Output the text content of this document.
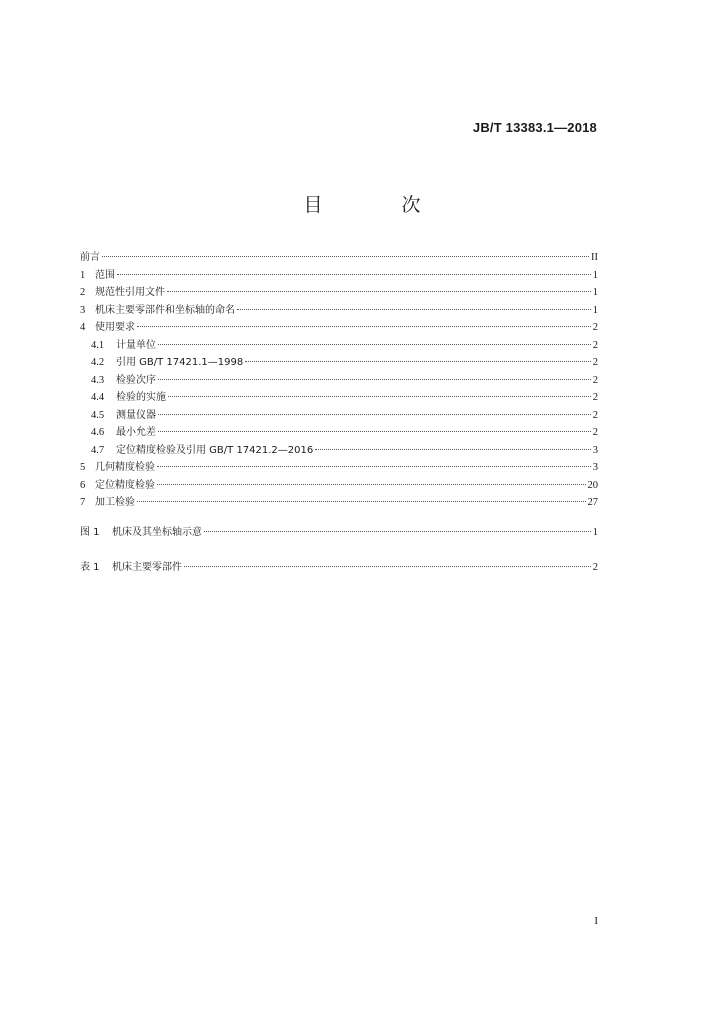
JB/T 13383.1—2018
目　次
前言	II
1 范围	1
2 规范性引用文件	1
3 机床主要零部件和坐标轴的命名	1
4 使用要求	2
4.1	计量单位	2
4.2	引用 GB/T 17421.1—1998	2
4.3	检验次序	2
4.4	检验的实施	2
4.5	测量仪器	2
4.6	最小允差	2
4.7	定位精度检验及引用 GB/T 17421.2—2016	3
5 几何精度检验	3
6 定位精度检验	20
7 加工检验	27
图 1	机床及其坐标轴示意	1
表 1	机床主要零部件	2
I
